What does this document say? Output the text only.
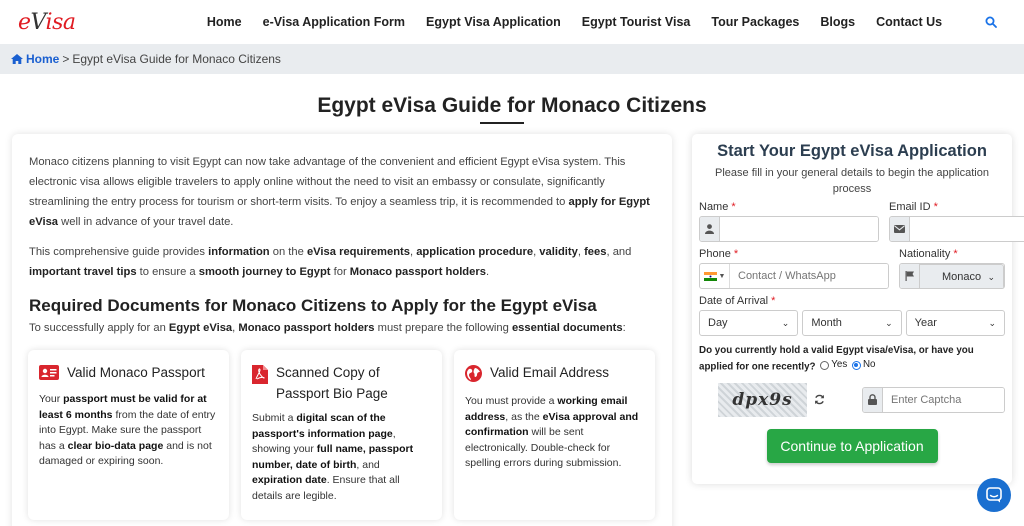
eVisa	Home	e-Visa Application Form	Egypt Visa Application	Egypt Tourist Visa	Tour Packages	Blogs	Contact Us
Home > Egypt eVisa Guide for Monaco Citizens
Egypt eVisa Guide for Monaco Citizens

Monaco citizens planning to visit Egypt can now take advantage of the convenient and efficient Egypt eVisa system. This electronic visa allows eligible travelers to apply online without the need to visit an embassy or consulate, significantly streamlining the entry process for tourism or short-term visits. To enjoy a seamless trip, it is recommended to apply for Egypt eVisa well in advance of your travel date.

This comprehensive guide provides information on the eVisa requirements, application procedure, validity, fees, and important travel tips to ensure a smooth journey to Egypt for Monaco passport holders.

Required Documents for Monaco Citizens to Apply for the Egypt eVisa
To successfully apply for an Egypt eVisa, Monaco passport holders must prepare the following essential documents:
Valid Monaco Passport

Your passport must be valid for at least 6 months from the date of entry into Egypt. Make sure the passport has a clear bio-data page and is not damaged or expiring soon.

Scanned Copy of Passport Bio Page

Submit a digital scan of the passport's information page, showing your full name, passport number, date of birth, and expiration date. Ensure that all details are legible.

Valid Email Address

You must provide a working email address, as the eVisa approval and confirmation will be sent electronically. Double-check for spelling errors during submission.

Start Your Egypt eVisa Application
Please fill in your general details to begin the application process
Name *	Email ID *
Phone *
▼
Contact / WhatsApp
Nationality *
Monaco ⌄
Date of Arrival *
Day	⌄ Month	⌄ Year	⌄
Do you currently hold a valid Egypt visa/eVisa, or have you applied for one recently? Yes
No
dpx9s
Enter Captcha
Continue to Application
